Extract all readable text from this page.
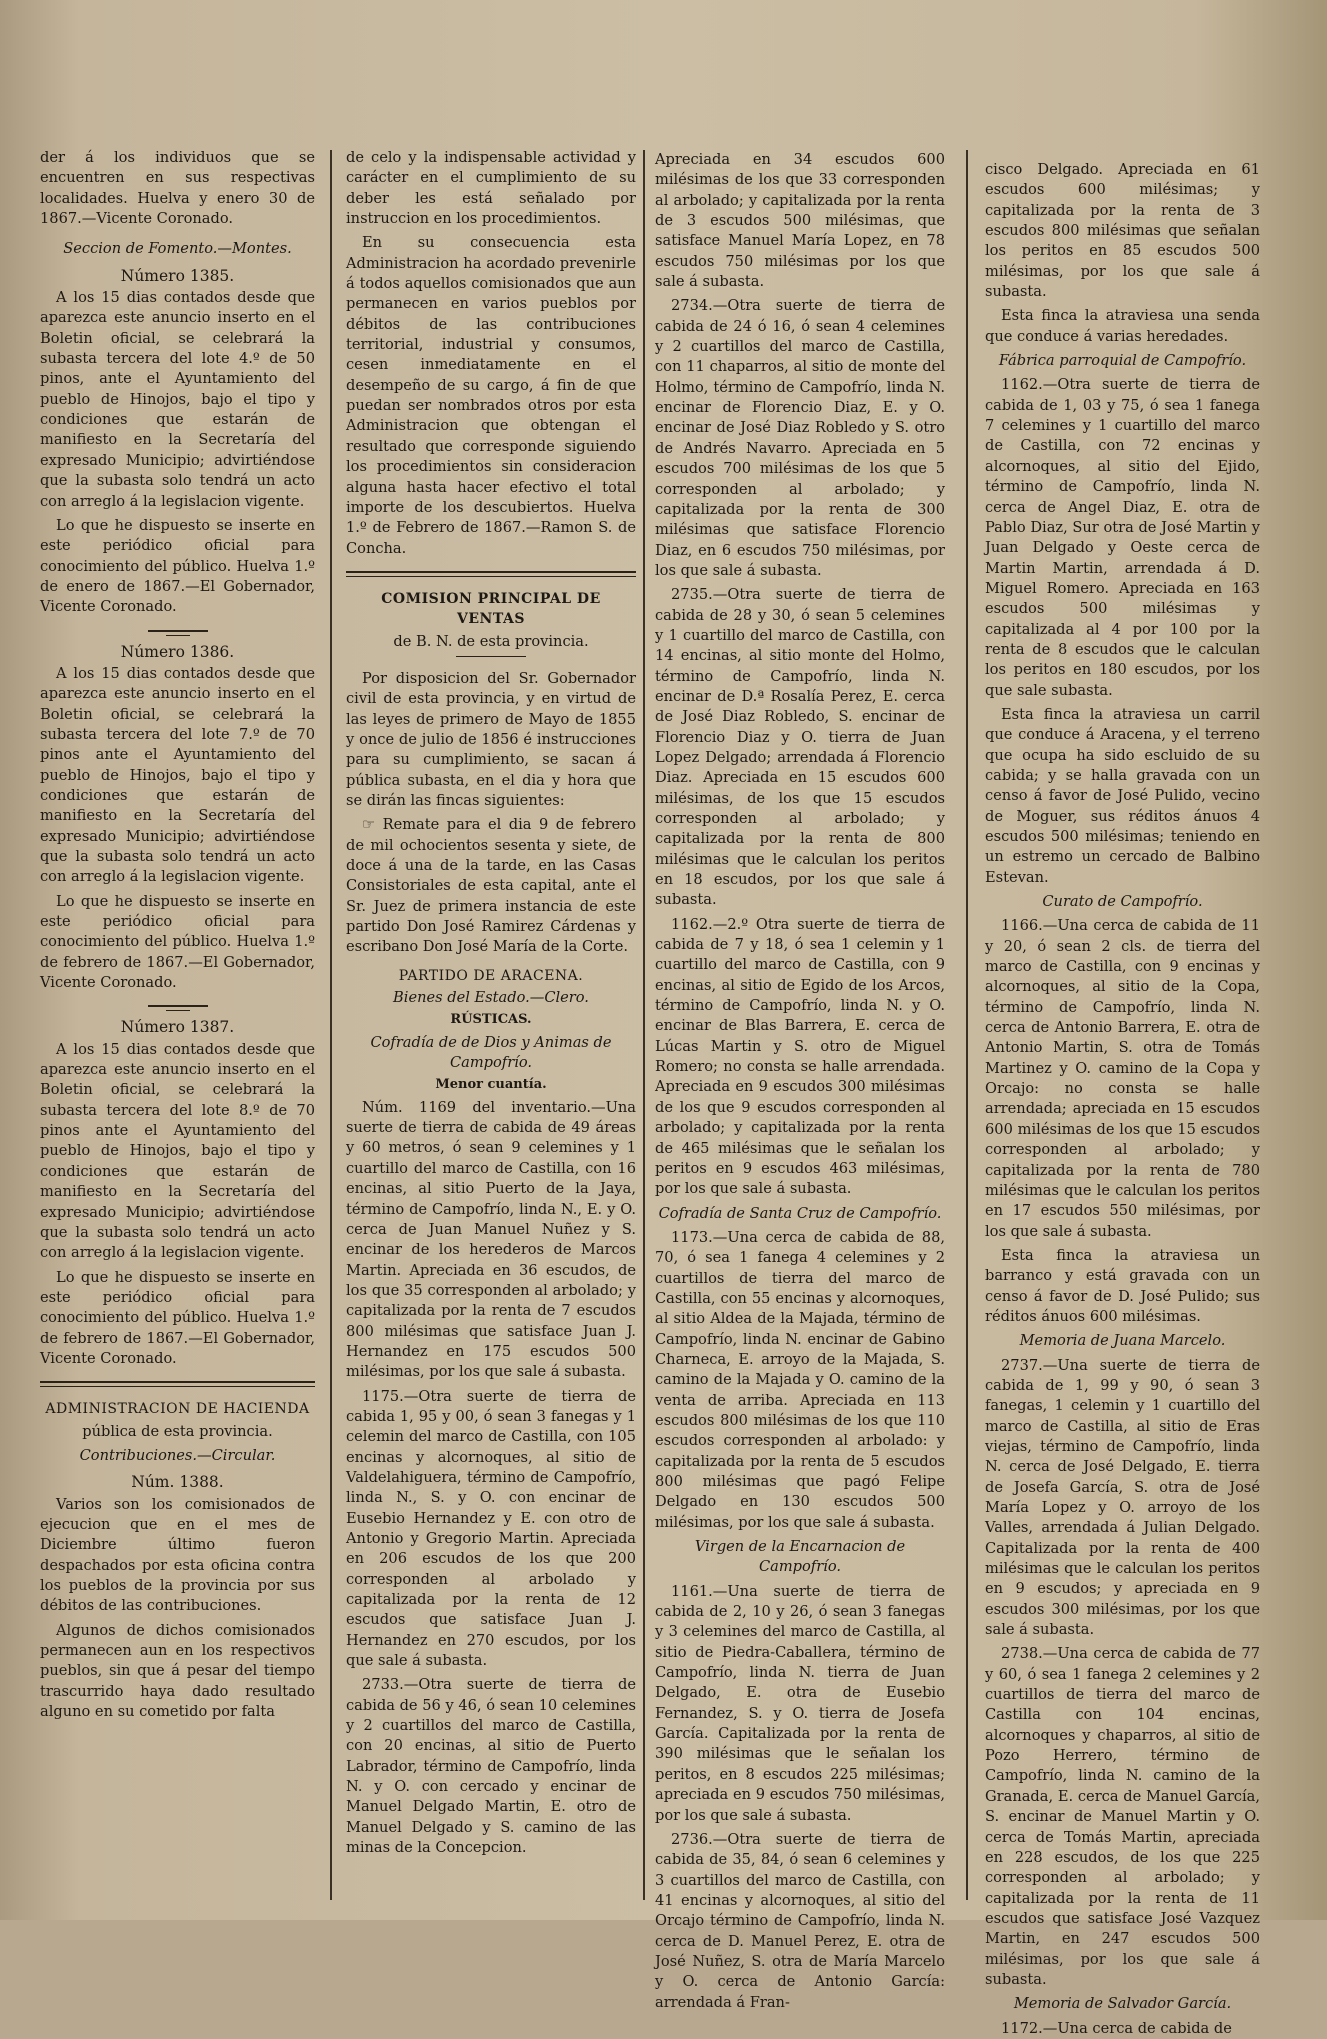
der á los individuos que se encuentren en sus respectivas localidades. Huelva y enero 30 de 1867.—Vicente Coronado.

Seccion de Fomento.—Montes.

Número 1385.

A los 15 dias contados desde que aparezca este anuncio inserto en el Boletin oficial, se celebrará la subasta tercera del lote 4.º de 50 pinos, ante el Ayuntamiento del pueblo de Hinojos, bajo el tipo y condiciones que estarán de manifiesto en la Secretaría del expresado Municipio; advirtiéndose que la subasta solo tendrá un acto con arreglo á la legislacion vigente.

Lo que he dispuesto se inserte en este periódico oficial para conocimiento del público. Huelva 1.º de enero de 1867.—El Gobernador, Vicente Coronado.

Número 1386.

A los 15 dias contados desde que aparezca este anuncio inserto en el Boletin oficial, se celebrará la subasta tercera del lote 7.º de 70 pinos ante el Ayuntamiento del pueblo de Hinojos, bajo el tipo y condiciones que estarán de manifiesto en la Secretaría del expresado Municipio; advirtiéndose que la subasta solo tendrá un acto con arreglo á la legislacion vigente.

Lo que he dispuesto se inserte en este periódico oficial para conocimiento del público. Huelva 1.º de febrero de 1867.—El Gobernador, Vicente Coronado.

Número 1387.

A los 15 dias contados desde que aparezca este anuncio inserto en el Boletin oficial, se celebrará la subasta tercera del lote 8.º de 70 pinos ante el Ayuntamiento del pueblo de Hinojos, bajo el tipo y condiciones que estarán de manifiesto en la Secretaría del expresado Municipio; advirtiéndose que la subasta solo tendrá un acto con arreglo á la legislacion vigente.

Lo que he dispuesto se inserte en este periódico oficial para conocimiento del público. Huelva 1.º de febrero de 1867.—El Gobernador, Vicente Coronado.

ADMINISTRACION DE HACIENDA

pública de esta provincia.

Contribuciones.—Circular.

Núm. 1388.

Varios son los comisionados de ejecucion que en el mes de Diciembre último fueron despachados por esta oficina contra los pueblos de la provincia por sus débitos de las contribuciones.

Algunos de dichos comisionados permanecen aun en los respectivos pueblos, sin que á pesar del tiempo trascurrido haya dado resultado alguno en su cometido por falta

de celo y la indispensable actividad y carácter en el cumplimiento de su deber les está señalado por instruccion en los procedimientos.

En su consecuencia esta Administracion ha acordado prevenirle á todos aquellos comisionados que aun permanecen en varios pueblos por débitos de las contribuciones territorial, industrial y consumos, cesen inmediatamente en el desempeño de su cargo, á fin de que puedan ser nombrados otros por esta Administracion que obtengan el resultado que corresponde siguiendo los procedimientos sin consideracion alguna hasta hacer efectivo el total importe de los descubiertos. Huelva 1.º de Febrero de 1867.—Ramon S. de Concha.

COMISION PRINCIPAL DE VENTAS

de B. N. de esta provincia.

Por disposicion del Sr. Gobernador civil de esta provincia, y en virtud de las leyes de primero de Mayo de 1855 y once de julio de 1856 é instrucciones para su cumplimiento, se sacan á pública subasta, en el dia y hora que se dirán las fincas siguientes:

☞ Remate para el dia 9 de febrero de mil ochocientos sesenta y siete, de doce á una de la tarde, en las Casas Consistoriales de esta capital, ante el Sr. Juez de primera instancia de este partido Don José Ramirez Cárdenas y escribano Don José María de la Corte.

PARTIDO DE ARACENA.

Bienes del Estado.—Clero.

RÚSTICAS.

Cofradía de de Dios y Animas de Campofrío.

Menor cuantía.

Núm. 1169 del inventario.—Una suerte de tierra de cabida de 49 áreas y 60 metros, ó sean 9 celemines y 1 cuartillo del marco de Castilla, con 16 encinas, al sitio Puerto de la Jaya, término de Campofrío, linda N., E. y O. cerca de Juan Manuel Nuñez y S. encinar de los herederos de Marcos Martin. Apreciada en 36 escudos, de los que 35 corresponden al arbolado; y capitalizada por la renta de 7 escudos 800 milésimas que satisface Juan J. Hernandez en 175 escudos 500 milésimas, por los que sale á subasta.

1175.—Otra suerte de tierra de cabida 1, 95 y 00, ó sean 3 fanegas y 1 celemin del marco de Castilla, con 105 encinas y alcornoques, al sitio de Valdelahiguera, término de Campofrío, linda N., S. y O. con encinar de Eusebio Hernandez y E. con otro de Antonio y Gregorio Martin. Apreciada en 206 escudos de los que 200 corresponden al arbolado y capitalizada por la renta de 12 escudos que satisface Juan J. Hernandez en 270 escudos, por los que sale á subasta.

2733.—Otra suerte de tierra de cabida de 56 y 46, ó sean 10 celemines y 2 cuartillos del marco de Castilla, con 20 encinas, al sitio de Puerto Labrador, término de Campofrío, linda N. y O. con cercado y encinar de Manuel Delgado Martin, E. otro de Manuel Delgado y S. camino de las minas de la Concepcion.

Apreciada en 34 escudos 600 milésimas de los que 33 corresponden al arbolado; y capitalizada por la renta de 3 escudos 500 milésimas, que satisface Manuel María Lopez, en 78 escudos 750 milésimas por los que sale á subasta.

2734.—Otra suerte de tierra de cabida de 24 ó 16, ó sean 4 celemines y 2 cuartillos del marco de Castilla, con 11 chaparros, al sitio de monte del Holmo, término de Campofrío, linda N. encinar de Florencio Diaz, E. y O. encinar de José Diaz Robledo y S. otro de Andrés Navarro. Apreciada en 5 escudos 700 milésimas de los que 5 corresponden al arbolado; y capitalizada por la renta de 300 milésimas que satisface Florencio Diaz, en 6 escudos 750 milésimas, por los que sale á subasta.

2735.—Otra suerte de tierra de cabida de 28 y 30, ó sean 5 celemines y 1 cuartillo del marco de Castilla, con 14 encinas, al sitio monte del Holmo, término de Campofrío, linda N. encinar de D.ª Rosalía Perez, E. cerca de José Diaz Robledo, S. encinar de Florencio Diaz y O. tierra de Juan Lopez Delgado; arrendada á Florencio Diaz. Apreciada en 15 escudos 600 milésimas, de los que 15 escudos corresponden al arbolado; y capitalizada por la renta de 800 milésimas que le calculan los peritos en 18 escudos, por los que sale á subasta.

1162.—2.º Otra suerte de tierra de cabida de 7 y 18, ó sea 1 celemin y 1 cuartillo del marco de Castilla, con 9 encinas, al sitio de Egido de los Arcos, término de Campofrío, linda N. y O. encinar de Blas Barrera, E. cerca de Lúcas Martin y S. otro de Miguel Romero; no consta se halle arrendada. Apreciada en 9 escudos 300 milésimas de los que 9 escudos corresponden al arbolado; y capitalizada por la renta de 465 milésimas que le señalan los peritos en 9 escudos 463 milésimas, por los que sale á subasta.

Cofradía de Santa Cruz de Campofrío.

1173.—Una cerca de cabida de 88, 70, ó sea 1 fanega 4 celemines y 2 cuartillos de tierra del marco de Castilla, con 55 encinas y alcornoques, al sitio Aldea de la Majada, término de Campofrío, linda N. encinar de Gabino Charneca, E. arroyo de la Majada, S. camino de la Majada y O. camino de la venta de arriba. Apreciada en 113 escudos 800 milésimas de los que 110 escudos corresponden al arbolado: y capitalizada por la renta de 5 escudos 800 milésimas que pagó Felipe Delgado en 130 escudos 500 milésimas, por los que sale á subasta.

Virgen de la Encarnacion de Campofrío.

1161.—Una suerte de tierra de cabida de 2, 10 y 26, ó sean 3 fanegas y 3 celemines del marco de Castilla, al sitio de Piedra-Caballera, término de Campofrío, linda N. tierra de Juan Delgado, E. otra de Eusebio Fernandez, S. y O. tierra de Josefa García. Capitalizada por la renta de 390 milésimas que le señalan los peritos, en 8 escudos 225 milésimas; apreciada en 9 escudos 750 milésimas, por los que sale á subasta.

2736.—Otra suerte de tierra de cabida de 35, 84, ó sean 6 celemines y 3 cuartillos del marco de Castilla, con 41 encinas y alcornoques, al sitio del Orcajo término de Campofrío, linda N. cerca de D. Manuel Perez, E. otra de José Nuñez, S. otra de María Marcelo y O. cerca de Antonio García: arrendada á Fran-

cisco Delgado. Apreciada en 61 escudos 600 milésimas; y capitalizada por la renta de 3 escudos 800 milésimas que señalan los peritos en 85 escudos 500 milésimas, por los que sale á subasta.

Esta finca la atraviesa una senda que conduce á varias heredades.

Fábrica parroquial de Campofrío.

1162.—Otra suerte de tierra de cabida de 1, 03 y 75, ó sea 1 fanega 7 celemines y 1 cuartillo del marco de Castilla, con 72 encinas y alcornoques, al sitio del Ejido, término de Campofrío, linda N. cerca de Angel Diaz, E. otra de Pablo Diaz, Sur otra de José Martin y Juan Delgado y Oeste cerca de Martin Martin, arrendada á D. Miguel Romero. Apreciada en 163 escudos 500 milésimas y capitalizada al 4 por 100 por la renta de 8 escudos que le calculan los peritos en 180 escudos, por los que sale subasta.

Esta finca la atraviesa un carril que conduce á Aracena, y el terreno que ocupa ha sido escluido de su cabida; y se halla gravada con un censo á favor de José Pulido, vecino de Moguer, sus réditos ánuos 4 escudos 500 milésimas; teniendo en un estremo un cercado de Balbino Estevan.

Curato de Campofrío.

1166.—Una cerca de cabida de 11 y 20, ó sean 2 cls. de tierra del marco de Castilla, con 9 encinas y alcornoques, al sitio de la Copa, término de Campofrío, linda N. cerca de Antonio Barrera, E. otra de Antonio Martin, S. otra de Tomás Martinez y O. camino de la Copa y Orcajo: no consta se halle arrendada; apreciada en 15 escudos 600 milésimas de los que 15 escudos corresponden al arbolado; y capitalizada por la renta de 780 milésimas que le calculan los peritos en 17 escudos 550 milésimas, por los que sale á subasta.

Esta finca la atraviesa un barranco y está gravada con un censo á favor de D. José Pulido; sus réditos ánuos 600 milésimas.

Memoria de Juana Marcelo.

2737.—Una suerte de tierra de cabida de 1, 99 y 90, ó sean 3 fanegas, 1 celemin y 1 cuartillo del marco de Castilla, al sitio de Eras viejas, término de Campofrío, linda N. cerca de José Delgado, E. tierra de Josefa García, S. otra de José María Lopez y O. arroyo de los Valles, arrendada á Julian Delgado. Capitalizada por la renta de 400 milésimas que le calculan los peritos en 9 escudos; y apreciada en 9 escudos 300 milésimas, por los que sale á subasta.

2738.—Una cerca de cabida de 77 y 60, ó sea 1 fanega 2 celemines y 2 cuartillos de tierra del marco de Castilla con 104 encinas, alcornoques y chaparros, al sitio de Pozo Herrero, término de Campofrío, linda N. camino de la Granada, E. cerca de Manuel García, S. encinar de Manuel Martin y O. cerca de Tomás Martin, apreciada en 228 escudos, de los que 225 corresponden al arbolado; y capitalizada por la renta de 11 escudos que satisface José Vazquez Martin, en 247 escudos 500 milésimas, por los que sale á subasta.

Memoria de Salvador García.

1172.—Una cerca de cabida de
